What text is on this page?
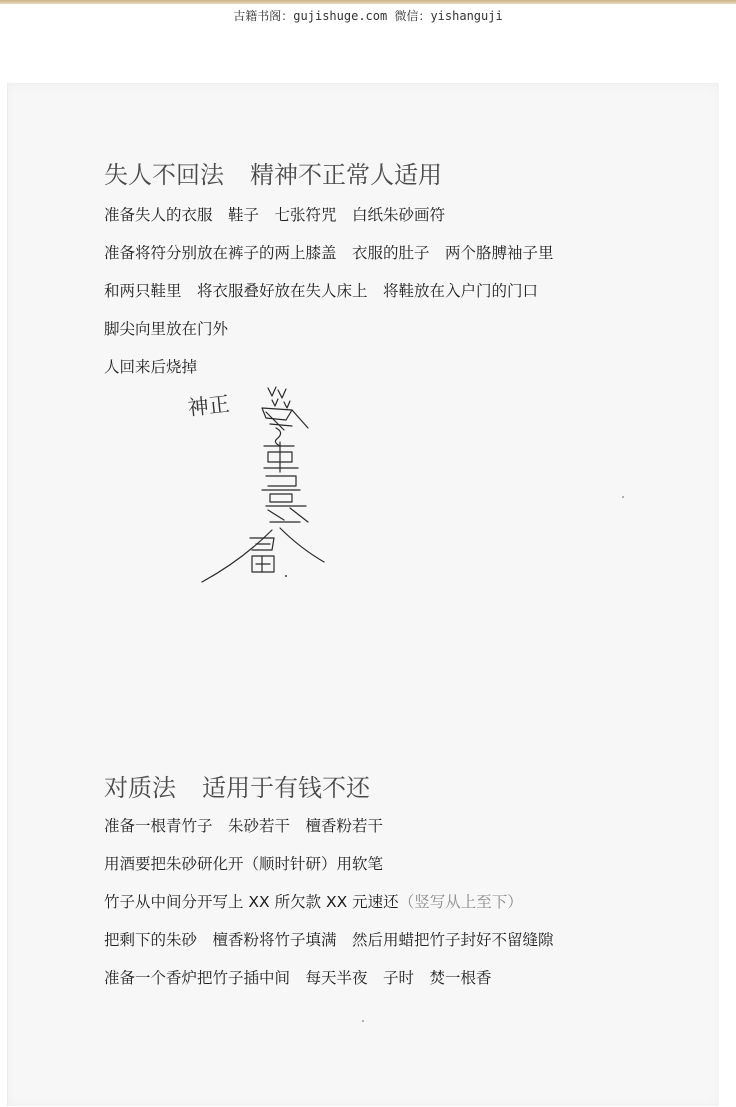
古籍书阁：gujishuge.com 微信：yishanguji
失人不回法 精神不正常人适用
准备失人的衣服　鞋子　七张符咒　白纸朱砂画符
准备将符分别放在裤子的两上膝盖　衣服的肚子　两个胳膊袖子里
和两只鞋里　将衣服叠好放在失人床上　将鞋放在入户门的门口
脚尖向里放在门外
人回来后烧掉
神正
对质法 适用于有钱不还
准备一根青竹子　朱砂若干　檀香粉若干
用酒要把朱砂研化开（顺时针研）用软笔
竹子从中间分开写上 XX 所欠款 XX 元速还（竖写从上至下）
把剩下的朱砂　檀香粉将竹子填满　然后用蜡把竹子封好不留缝隙
准备一个香炉把竹子插中间　每天半夜　子时　焚一根香
